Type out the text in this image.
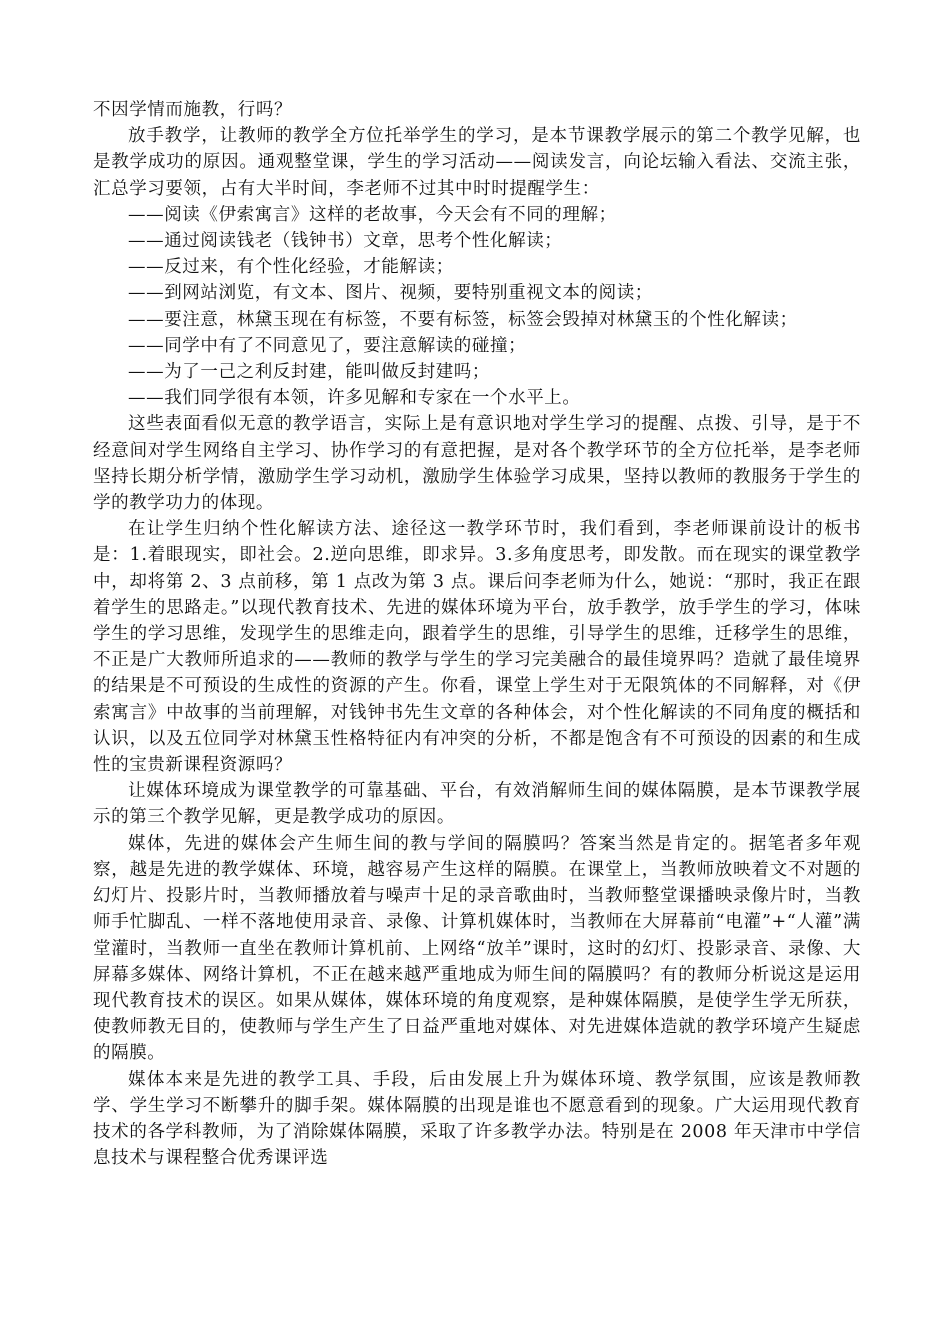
不因学情而施教，行吗？

放手教学，让教师的教学全方位托举学生的学习，是本节课教学展示的第二个教学见解，也是教学成功的原因。通观整堂课，学生的学习活动——阅读发言，向论坛输入看法、交流主张，汇总学习要领，占有大半时间，李老师不过其中时时提醒学生：

——阅读《伊索寓言》这样的老故事，今天会有不同的理解；

——通过阅读钱老（钱钟书）文章，思考个性化解读；

——反过来，有个性化经验，才能解读；

——到网站浏览，有文本、图片、视频，要特别重视文本的阅读；

——要注意，林黛玉现在有标签，不要有标签，标签会毁掉对林黛玉的个性化解读；

——同学中有了不同意见了，要注意解读的碰撞；

——为了一己之利反封建，能叫做反封建吗；

——我们同学很有本领，许多见解和专家在一个水平上。

这些表面看似无意的教学语言，实际上是有意识地对学生学习的提醒、点拨、引导，是于不经意间对学生网络自主学习、协作学习的有意把握，是对各个教学环节的全方位托举，是李老师坚持长期分析学情，激励学生学习动机，激励学生体验学习成果，坚持以教师的教服务于学生的学的教学功力的体现。

在让学生归纳个性化解读方法、途径这一教学环节时，我们看到，李老师课前设计的板书是：1.着眼现实，即社会。2.逆向思维，即求异。3.多角度思考，即发散。而在现实的课堂教学中，却将第 2、3 点前移，第 1 点改为第 3 点。课后问李老师为什么，她说：“那时，我正在跟着学生的思路走。”以现代教育技术、先进的媒体环境为平台，放手教学，放手学生的学习，体味学生的学习思维，发现学生的思维走向，跟着学生的思维，引导学生的思维，迁移学生的思维，不正是广大教师所追求的——教师的教学与学生的学习完美融合的最佳境界吗？造就了最佳境界的结果是不可预设的生成性的资源的产生。你看，课堂上学生对于无限筑体的不同解释，对《伊索寓言》中故事的当前理解，对钱钟书先生文章的各种体会，对个性化解读的不同角度的概括和认识，以及五位同学对林黛玉性格特征内有冲突的分析，不都是饱含有不可预设的因素的和生成性的宝贵新课程资源吗？

让媒体环境成为课堂教学的可靠基础、平台，有效消解师生间的媒体隔膜，是本节课教学展示的第三个教学见解，更是教学成功的原因。

媒体，先进的媒体会产生师生间的教与学间的隔膜吗？答案当然是肯定的。据笔者多年观察，越是先进的教学媒体、环境，越容易产生这样的隔膜。在课堂上，当教师放映着文不对题的幻灯片、投影片时，当教师播放着与噪声十足的录音歌曲时，当教师整堂课播映录像片时，当教师手忙脚乱、一样不落地使用录音、录像、计算机媒体时，当教师在大屏幕前“电灌”+“人灌”满堂灌时，当教师一直坐在教师计算机前、上网络“放羊”课时，这时的幻灯、投影录音、录像、大屏幕多媒体、网络计算机，不正在越来越严重地成为师生间的隔膜吗？有的教师分析说这是运用现代教育技术的误区。如果从媒体，媒体环境的角度观察，是种媒体隔膜，是使学生学无所获，使教师教无目的，使教师与学生产生了日益严重地对媒体、对先进媒体造就的教学环境产生疑虑的隔膜。

媒体本来是先进的教学工具、手段，后由发展上升为媒体环境、教学氛围，应该是教师教学、学生学习不断攀升的脚手架。媒体隔膜的出现是谁也不愿意看到的现象。广大运用现代教育技术的各学科教师，为了消除媒体隔膜，采取了许多教学办法。特别是在 2008 年天津市中学信息技术与课程整合优秀课评选
